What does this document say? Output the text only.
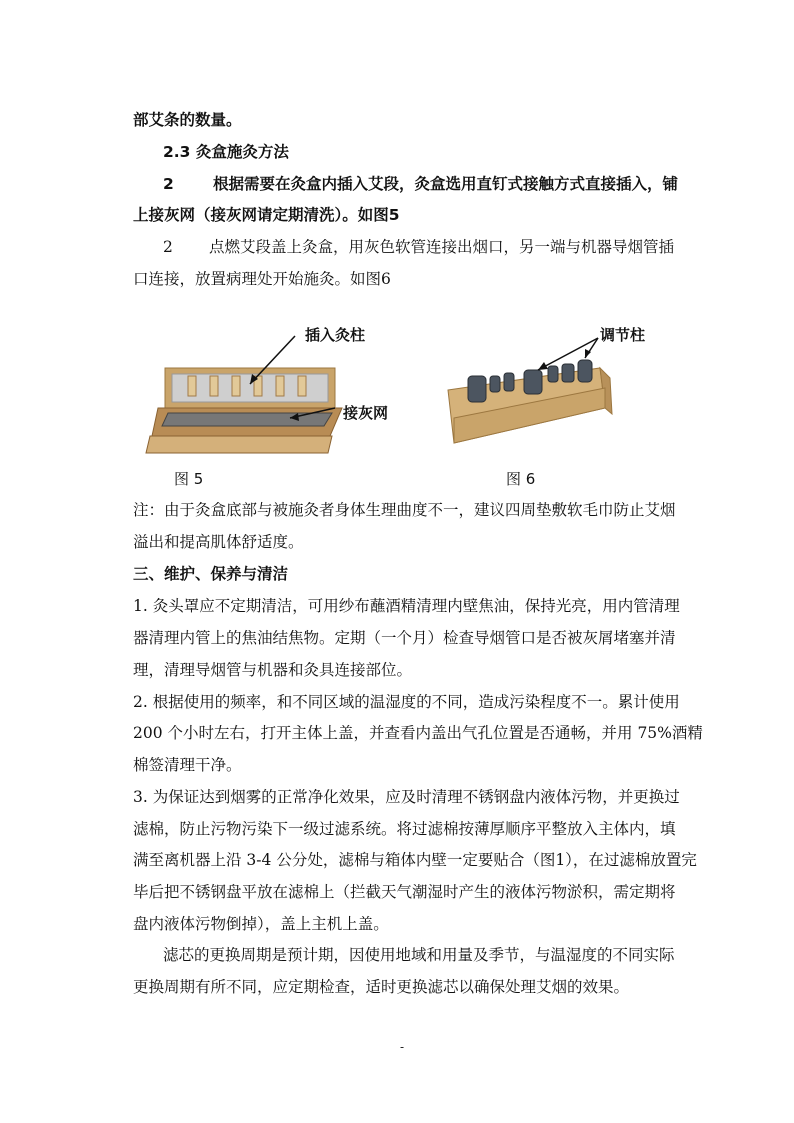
部艾条的数量。
2.3 灸盒施灸方法
2	根据需要在灸盒内插入艾段，灸盒选用直钉式接触方式直接插入，铺
上接灰网（接灰网请定期清洗）。如图5
2 点燃艾段盖上灸盒，用灰色软管连接出烟口，另一端与机器导烟管插
口连接，放置病理处开始施灸。如图6
插入灸柱
接灰网
图 5
调节柱
图 6
注：由于灸盒底部与被施灸者身体生理曲度不一，建议四周垫敷软毛巾防止艾烟
溢出和提高肌体舒适度。
三、维护、保养与清洁
1. 灸头罩应不定期清洁，可用纱布蘸酒精清理内壁焦油，保持光亮，用内管清理
器清理内管上的焦油结焦物。定期（一个月）检查导烟管口是否被灰屑堵塞并清
理，清理导烟管与机器和灸具连接部位。
2. 根据使用的频率，和不同区域的温湿度的不同，造成污染程度不一。累计使用
200 个小时左右，打开主体上盖，并查看内盖出气孔位置是否通畅，并用 75%酒精
棉签清理干净。
3. 为保证达到烟雾的正常净化效果，应及时清理不锈钢盘内液体污物，并更换过
滤棉，防止污物污染下一级过滤系统。将过滤棉按薄厚顺序平整放入主体内，填
满至离机器上沿 3-4 公分处，滤棉与箱体内壁一定要贴合（图1），在过滤棉放置完
毕后把不锈钢盘平放在滤棉上（拦截天气潮湿时产生的液体污物淤积，需定期将
盘内液体污物倒掉），盖上主机上盖。
滤芯的更换周期是预计期，因使用地域和用量及季节，与温湿度的不同实际
更换周期有所不同，应定期检查，适时更换滤芯以确保处理艾烟的效果。
-
